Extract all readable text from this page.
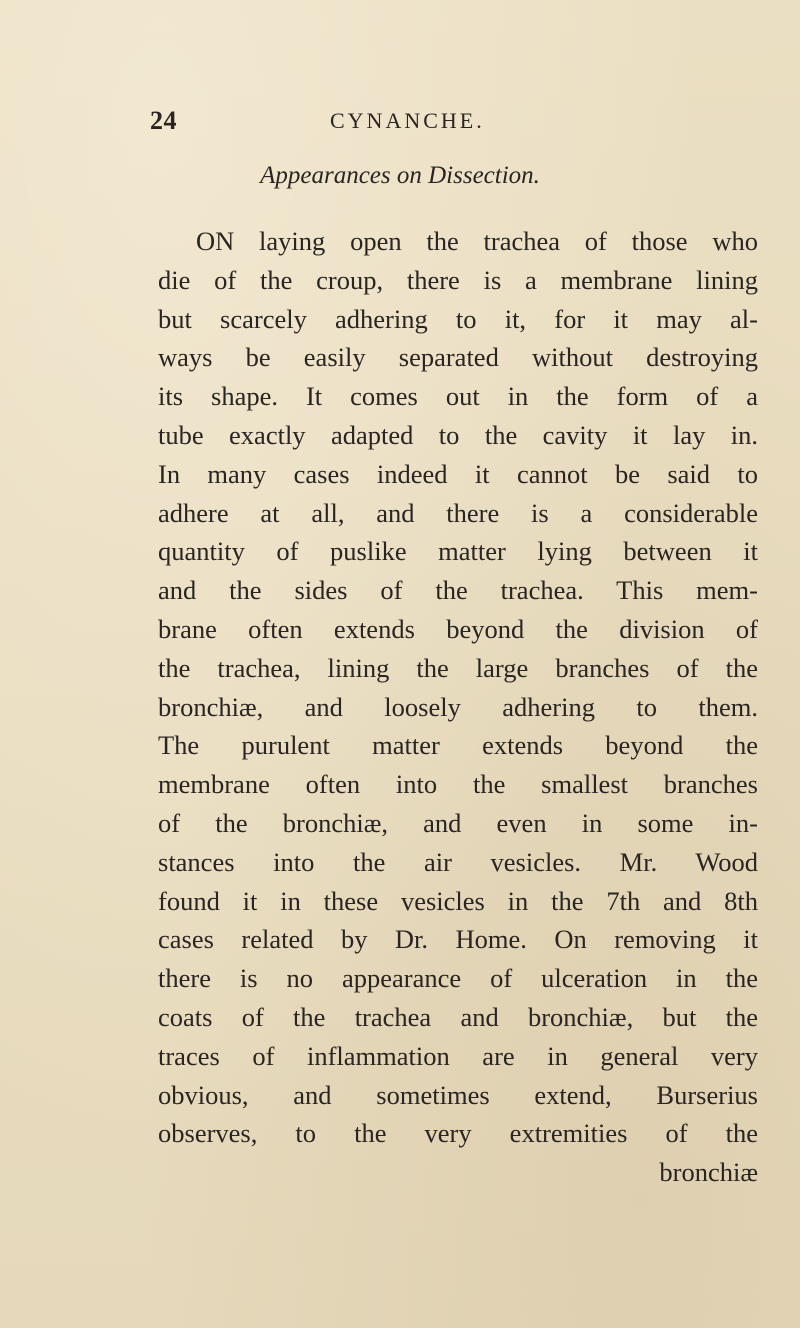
24	CYNANCHE.
Appearances on Dissection.
ON laying open the trachea of those who
die of the croup, there is a membrane lining
but scarcely adhering to it, for it may al-
ways be easily separated without destroying
its shape. It comes out in the form of a
tube exactly adapted to the cavity it lay in.
In many cases indeed it cannot be said to
adhere at all, and there is a considerable
quantity of puslike matter lying between it
and the sides of the trachea. This mem-
brane often extends beyond the division of
the trachea, lining the large branches of the
bronchiæ, and loosely adhering to them.
The purulent matter extends beyond the
membrane often into the smallest branches
of the bronchiæ, and even in some in-
stances into the air vesicles. Mr. Wood
found it in these vesicles in the 7th and 8th
cases related by Dr. Home. On removing it
there is no appearance of ulceration in the
coats of the trachea and bronchiæ, but the
traces of inflammation are in general very
obvious, and sometimes extend, Burserius
observes, to the very extremities of the
bronchiæ
